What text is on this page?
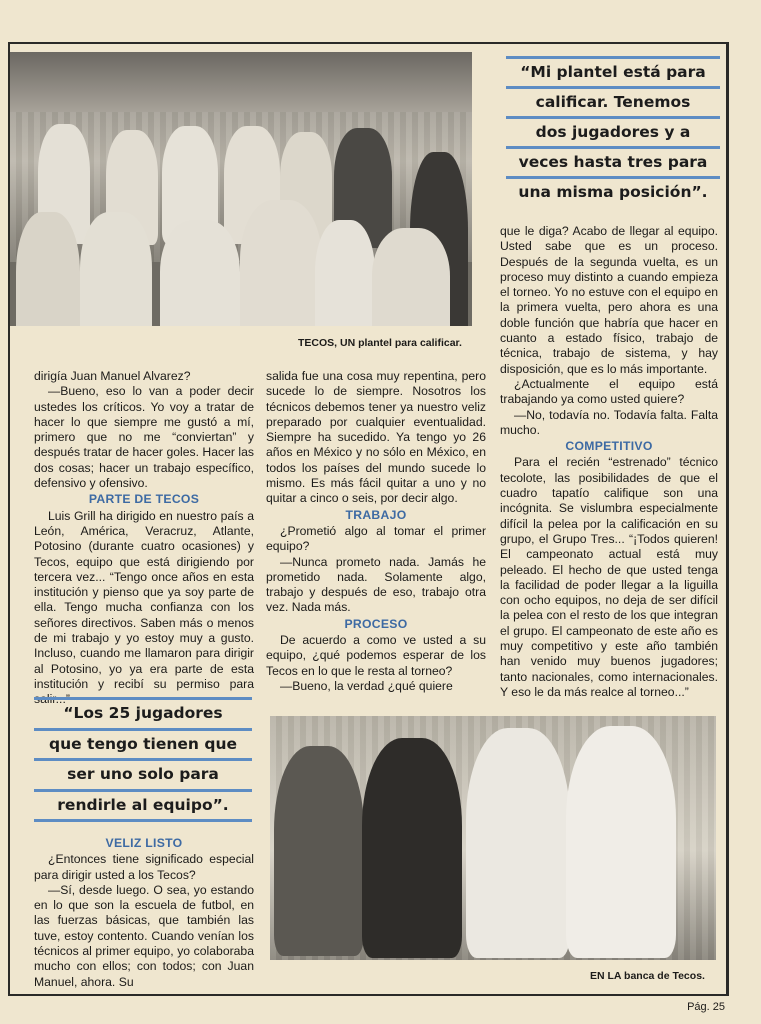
TECOS, UN plantel para calificar.
“Mi plantel está para
calificar. Tenemos
dos jugadores y a
veces hasta tres para
una misma posición”.

dirigía Juan Manuel Alvarez?

—Bueno, eso lo van a poder decir ustedes los críticos. Yo voy a tratar de hacer lo que siempre me gustó a mí, primero que no me “conviertan” y después tratar de hacer goles. Hacer las dos cosas; hacer un trabajo específico, defensivo y ofensivo.

PARTE DE TECOS

Luis Grill ha dirigido en nuestro país a León, América, Veracruz, Atlante, Potosino (durante cuatro ocasiones) y Tecos, equipo que está dirigiendo por tercera vez... “Tengo once años en esta institución y pienso que ya soy parte de ella. Tengo mucha confianza con los señores directivos. Saben más o menos de mi trabajo y yo estoy muy a gusto. Incluso, cuando me llamaron para dirigir al Potosino, yo ya era parte de esta institución y recibí su permiso para salir...”

“Los 25 jugadores
que tengo tienen que
ser uno solo para
rendirle al equipo”.
VELIZ LISTO

¿Entonces tiene significado especial para dirigir usted a los Tecos?

—Sí, desde luego. O sea, yo estando en lo que son la escuela de futbol, en las fuerzas básicas, que también las tuve, estoy contento. Cuando venían los técnicos al primer equipo, yo colaboraba mucho con ellos; con todos; con Juan Manuel, ahora. Su

salida fue una cosa muy repentina, pero sucede lo de siempre. Nosotros los técnicos debemos tener ya nuestro veliz preparado por cualquier eventualidad. Siempre ha sucedido. Ya tengo yo 26 años en México y no sólo en México, en todos los países del mundo sucede lo mismo. Es más fácil quitar a uno y no quitar a cinco o seis, por decir algo.

TRABAJO

¿Prometió algo al tomar el primer equipo?

—Nunca prometo nada. Jamás he prometido nada. Solamente algo, trabajo y después de eso, trabajo otra vez. Nada más.

PROCESO

De acuerdo a como ve usted a su equipo, ¿qué podemos esperar de los Tecos en lo que le resta al torneo?

—Bueno, la verdad ¿qué quiere

que le diga? Acabo de llegar al equipo. Usted sabe que es un proceso. Después de la segunda vuelta, es un proceso muy distinto a cuando empieza el torneo. Yo no estuve con el equipo en la primera vuelta, pero ahora es una doble función que habría que hacer en cuanto a estado físico, trabajo de técnica, trabajo de sistema, y hay disposición, que es lo más importante.

¿Actualmente el equipo está trabajando ya como usted quiere?

—No, todavía no. Todavía falta. Falta mucho.

COMPETITIVO

Para el recién “estrenado” técnico tecolote, las posibilidades de que el cuadro tapatío califique son una incógnita. Se vislumbra especialmente difícil la pelea por la calificación en su grupo, el Grupo Tres... “¡Todos quieren! El campeonato actual está muy peleado. El hecho de que usted tenga la facilidad de poder llegar a la liguilla con ocho equipos, no deja de ser difícil la pelea con el resto de los que integran el grupo. El campeonato de este año es muy competitivo y este año también han venido muy buenos jugadores; tanto nacionales, como internacionales. Y eso le da más realce al torneo...”

EN LA banca de Tecos.
Pág. 25
